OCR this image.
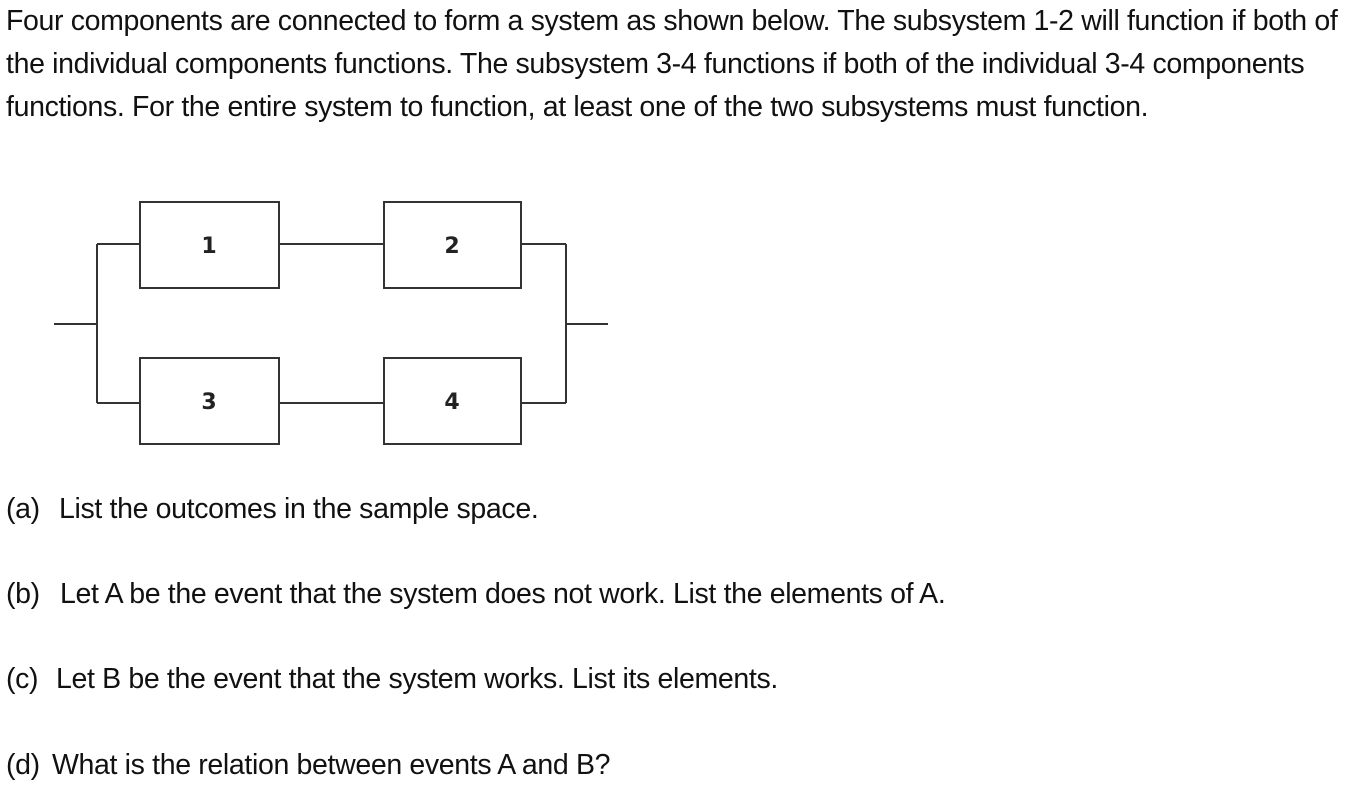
Four components are connected to form a system as shown below. The subsystem 1-2 will function if both of the individual components functions. The subsystem 3-4 functions if both of the individual 3-4 components functions. For the entire system to function, at least one of the two subsystems must function.

1	2
3	4

(a) List the outcomes in the sample space.

(b) Let A be the event that the system does not work. List the elements of A.

(c) Let B be the event that the system works. List its elements.

(d) What is the relation between events A and B?
